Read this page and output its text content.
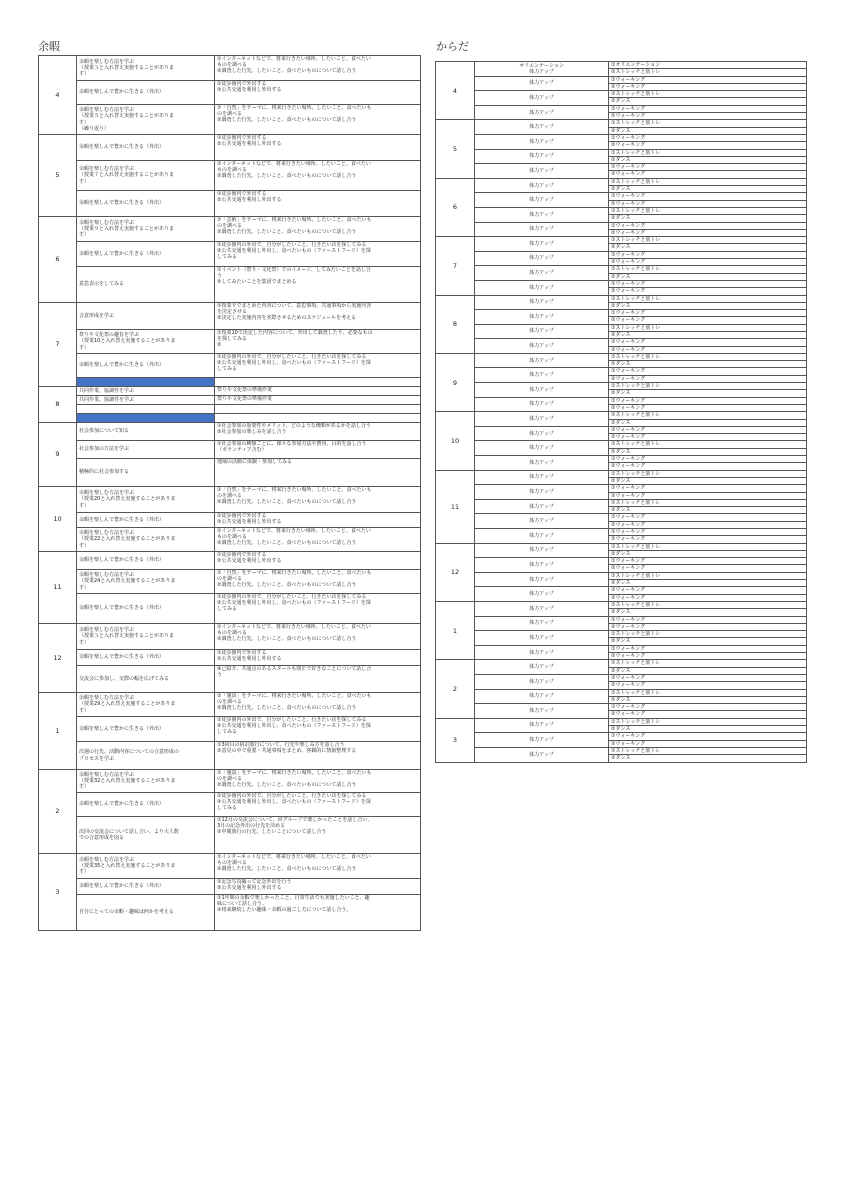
余暇	からだ
4	余暇を楽しむ方法を学ぶ
（授業３と入れ替え実施することがありま
す）	①インターネットなどで、将来行きたい場所、したいこと、食べたい
ものを調べる
②調査した行先、したいこと、食べたいものについて話し合う
	余暇を楽しんで豊かに生きる（外出）	①徒歩圏内で外出する
②公共交通を利用し外出する
	余暇を楽しむ方法を学ぶ
（授業５と入れ替え実施することがありま
す）
（繰り返り）	①「自然」をテーマに、将来行きたい場所、したいこと、食べたいも
のを調べる
②調査した行先、したいこと、食べたいものについて話し合う
5	余暇を楽しんで豊かに生きる（外出）	①徒歩圏内で外出する
②公共交通を利用し外出する
	余暇を楽しむ方法を学ぶ
（授業７と入れ替え実施することがありま
す）	①インターネットなどで、将来行きたい場所、したいこと、食べたい
ものを調べる
②調査した行先、したいこと、食べたいものについて話し合う
	余暇を楽しんで豊かに生きる（外出）	①徒歩圏内で外出する
②公共交通を利用し外出する
6	余暇を楽しむ方法を学ぶ
（授業９と入れ替え実施することがありま
す）	①「芸術」をテーマに、将来行きたい場所、したいこと、食べたいも
のを調べる
②調査した行先、したいこと、食べたいものについて話し合う
	余暇を楽しんで豊かに生きる（外出）	①徒歩圏内の外出で、自分がしたいこと、行きたい店を探してみる
②公共交通を利用し外出し、食べたいもの（ファーストフード）を探
してみる
	意思表示をしてみる	①イベント（祭り・文化祭）でのイメージ、してみたいことを話し合
う
②してみたいことを集団でまとめる
7	合意形成を学ぶ	①授業９でまとめた内容について、意思事項、共通事項から実施内容
を決定させる
②決定した実施内容を実際させるためのスケジュールを考える
	祭りや文化祭の趣旨を学ぶ
（授業10と入れ替え実施することがありま
す）	①授業10で決定した内容について、外出して調査したり、必要なもの
を探してみる
②
	余暇を楽しんで豊かに生きる（外出）	①徒歩圏内の外出で、自分がしたいこと、行きたい店を探してみる
②公共交通を利用し外出し、食べたいもの（ファーストフード）を探
してみる

8	共同作業、協調性を学ぶ	祭りや文化祭の準備作業
	共同作業、協調性を学ぶ	祭りや文化祭の準備作業

9	社会参加について知る	①社会参加の重要性やメリット、どのような種類があるかを話し合う
②社会参加の楽しみを話し合う
	社会参加の方法を学ぶ	①社会参加の種類ごとに、様々な参加方法や費用、目的を話し合う
（ボランティア含む）
	積極的に社会参加する	地域の活動に体験・参加してみる
10	余暇を楽しむ方法を学ぶ
（授業20と入れ替え実施することがありま
す）	①「自然」をテーマに、将来行きたい場所、したいこと、食べたいも
のを調べる
②調査した行先、したいこと、食べたいものについて話し合う
	余暇を楽しんで豊かに生きる（外出）	①徒歩圏内で外出する
②公共交通を利用し外出する
	余暇を楽しむ方法を学ぶ
（授業22と入れ替え実施することがありま
す）	①インターネットなどで、将来行きたい場所、したいこと、食べたい
ものを調べる
②調査した行先、したいこと、食べたいものについて話し合う
11	余暇を楽しんで豊かに生きる（外出）	①徒歩圏内で外出する
②公共交通を利用し外出する
	余暇を楽しむ方法を学ぶ
（授業24と入れ替え実施することがありま
す）	①「自然」をテーマに、将来行きたい場所、したいこと、食べたいも
のを調べる
②調査した行先、したいこと、食べたいものについて話し合う
	余暇を楽しんで豊かに生きる（外出）	①徒歩圏内の外出で、自分がしたいこと、行きたい店を探してみる
②公共交通を利用し外出し、食べたいもの（ファーストフード）を探
してみる
12	余暇を楽しむ方法を学ぶ
（授業３と入れ替え実施することがありま
す）	①インターネットなどで、将来行きたい場所、したいこと、食べたい
ものを調べる
②調査した行先、したいこと、食べたいものについて話し合う
	余暇を楽しんで豊かに生きる（外出）	①徒歩圏内で外出する
②公共交通を利用し外出する
	交流会に参加し、交際の幅を広げてみる	⑧己紹介、共通点のあるスタールも問正で好きなことについて話し合
う
1	余暇を楽しむ方法を学ぶ
（授業29と入れ替え実施することがありま
す）	①「施設」をテーマに、将来行きたい場所、したいこと、食べたいも
のを調べる
②調査した行先、したいこと、食べたいものについて話し合う
	余暇を楽しんで豊かに生きる（外出）	①徒歩圏内の外出で、自分がしたいこと、行きたい店を探してみる
②公共交通を利用し外出し、食べたいもの（ファーストフード）を探
してみる
	次週の行先、活動内容についての合意形成の
プロセスを学ぶ	①3回目の宿泊旅行について、行先や楽しみ方を話し合う
②意見の中で重要・共通事項をまとめ、客観的に情報整理する
2	余暇を楽しむ方法を学ぶ
（授業32と入れ替え実施することがありま
す）	①「施設」をテーマに、将来行きたい場所、したいこと、食べたいも
のを調べる
②調査した行先、したいこと、食べたいものについて話し合う
	余暇を楽しんで豊かに生きる（外出）	①徒歩圏内の外出で、自分がしたいこと、行きたい店を探してみる
②公共交通を利用し外出し、食べたいもの（ファーストフード）を探
してみる
	次回の交流会について話し合い、より大人数
での合意形成を図る	①12月の交流会について、同グループで楽しかったことを話し合い、
3月の記念外出の行先を決める
②中間旅行の行先、したいことについて話し合う
3	余暇を楽しむ方法を学ぶ
（授業35と入れ替え実施することがありま
す）	①インターネットなどで、将来行きたい場所、したいこと、食べたい
ものを調べる
②調査した行先、したいこと、食べたいものについて話し合う
	余暇を楽しんで豊かに生きる（外出）	①記念写真撮って記念外出を行う
②公共交通を利用し外出する
	自分にとっての余暇・趣味は何かを考える	①1年間の余暇で楽しかったこと、日常生活でも実施したいこと、趣
味について話し合う。
②将来継続したい趣味・余暇の過ごし方について話し合う。
4	オリエンテーション
体力アップ	①オリエンテーション
		②ストレッチと筋トレ
	体力アップ	①ウォーキング
		②ウォーキング
	体力アップ	①ストレッチと筋トレ
		②ダンス
	体力アップ	①ウォーキング
		②ウォーキング
5	体力アップ	①ストレッチと筋トレ
		②ダンス
	体力アップ	①ウォーキング
		②ウォーキング
	体力アップ	①ストレッチと筋トレ
		②ダンス
	体力アップ	①ウォーキング
		②ウォーキング
6	体力アップ	①ストレッチと筋トレ
		②ダンス
	体力アップ	①ウォーキング
		②ウォーキング
	体力アップ	①ストレッチと筋トレ
		②ダンス
	体力アップ	①ウォーキング
		②ウォーキング
7	体力アップ	①ストレッチと筋トレ
		②ダンス
	体力アップ	①ウォーキング
		②ウォーキング
	体力アップ	①ストレッチと筋トレ
		②ダンス
	体力アップ	①ウォーキング
		②ウォーキング
8	体力アップ	①ストレッチと筋トレ
		②ダンス
	体力アップ	①ウォーキング
		②ウォーキング
	体力アップ	①ストレッチと筋トレ
		②ダンス
	体力アップ	①ウォーキング
		②ウォーキング
9	体力アップ	①ストレッチと筋トレ
		②ダンス
	体力アップ	①ウォーキング
		②ウォーキング
	体力アップ	①ストレッチと筋トレ
		②ダンス
	体力アップ	①ウォーキング
		②ウォーキング
10	体力アップ	①ストレッチと筋トレ
		②ダンス
	体力アップ	①ウォーキング
		②ウォーキング
	体力アップ	①ストレッチと筋トレ
		②ダンス
	体力アップ	①ウォーキング
		②ウォーキング
11	体力アップ	①ストレッチと筋トレ
		②ダンス
	体力アップ	①ウォーキング
		②ウォーキング
	体力アップ	①ストレッチと筋トレ
		②ダンス
	体力アップ	①ウォーキング
		②ウォーキング
	体力アップ	①ウォーキング
		②ウォーキング
12	体力アップ	①ストレッチと筋トレ
		②ダンス
	体力アップ	①ウォーキング
		②ウォーキング
	体力アップ	①ストレッチと筋トレ
		②ダンス
	体力アップ	①ウォーキング
		②ウォーキング
1	体力アップ	①ストレッチと筋トレ
		②ダンス
	体力アップ	①ウォーキング
		②ウォーキング
	体力アップ	①ストレッチと筋トレ
		②ダンス
	体力アップ	①ウォーキング
		②ウォーキング
2	体力アップ	①ストレッチと筋トレ
		②ダンス
	体力アップ	①ウォーキング
		②ウォーキング
	体力アップ	①ストレッチと筋トレ
		②ダンス
	体力アップ	①ウォーキング
		②ウォーキング
3	体力アップ	①ストレッチと筋トレ
		②ダンス
	体力アップ	①ウォーキング
		②ウォーキング
	体力アップ	①ストレッチと筋トレ
		②ダンス
